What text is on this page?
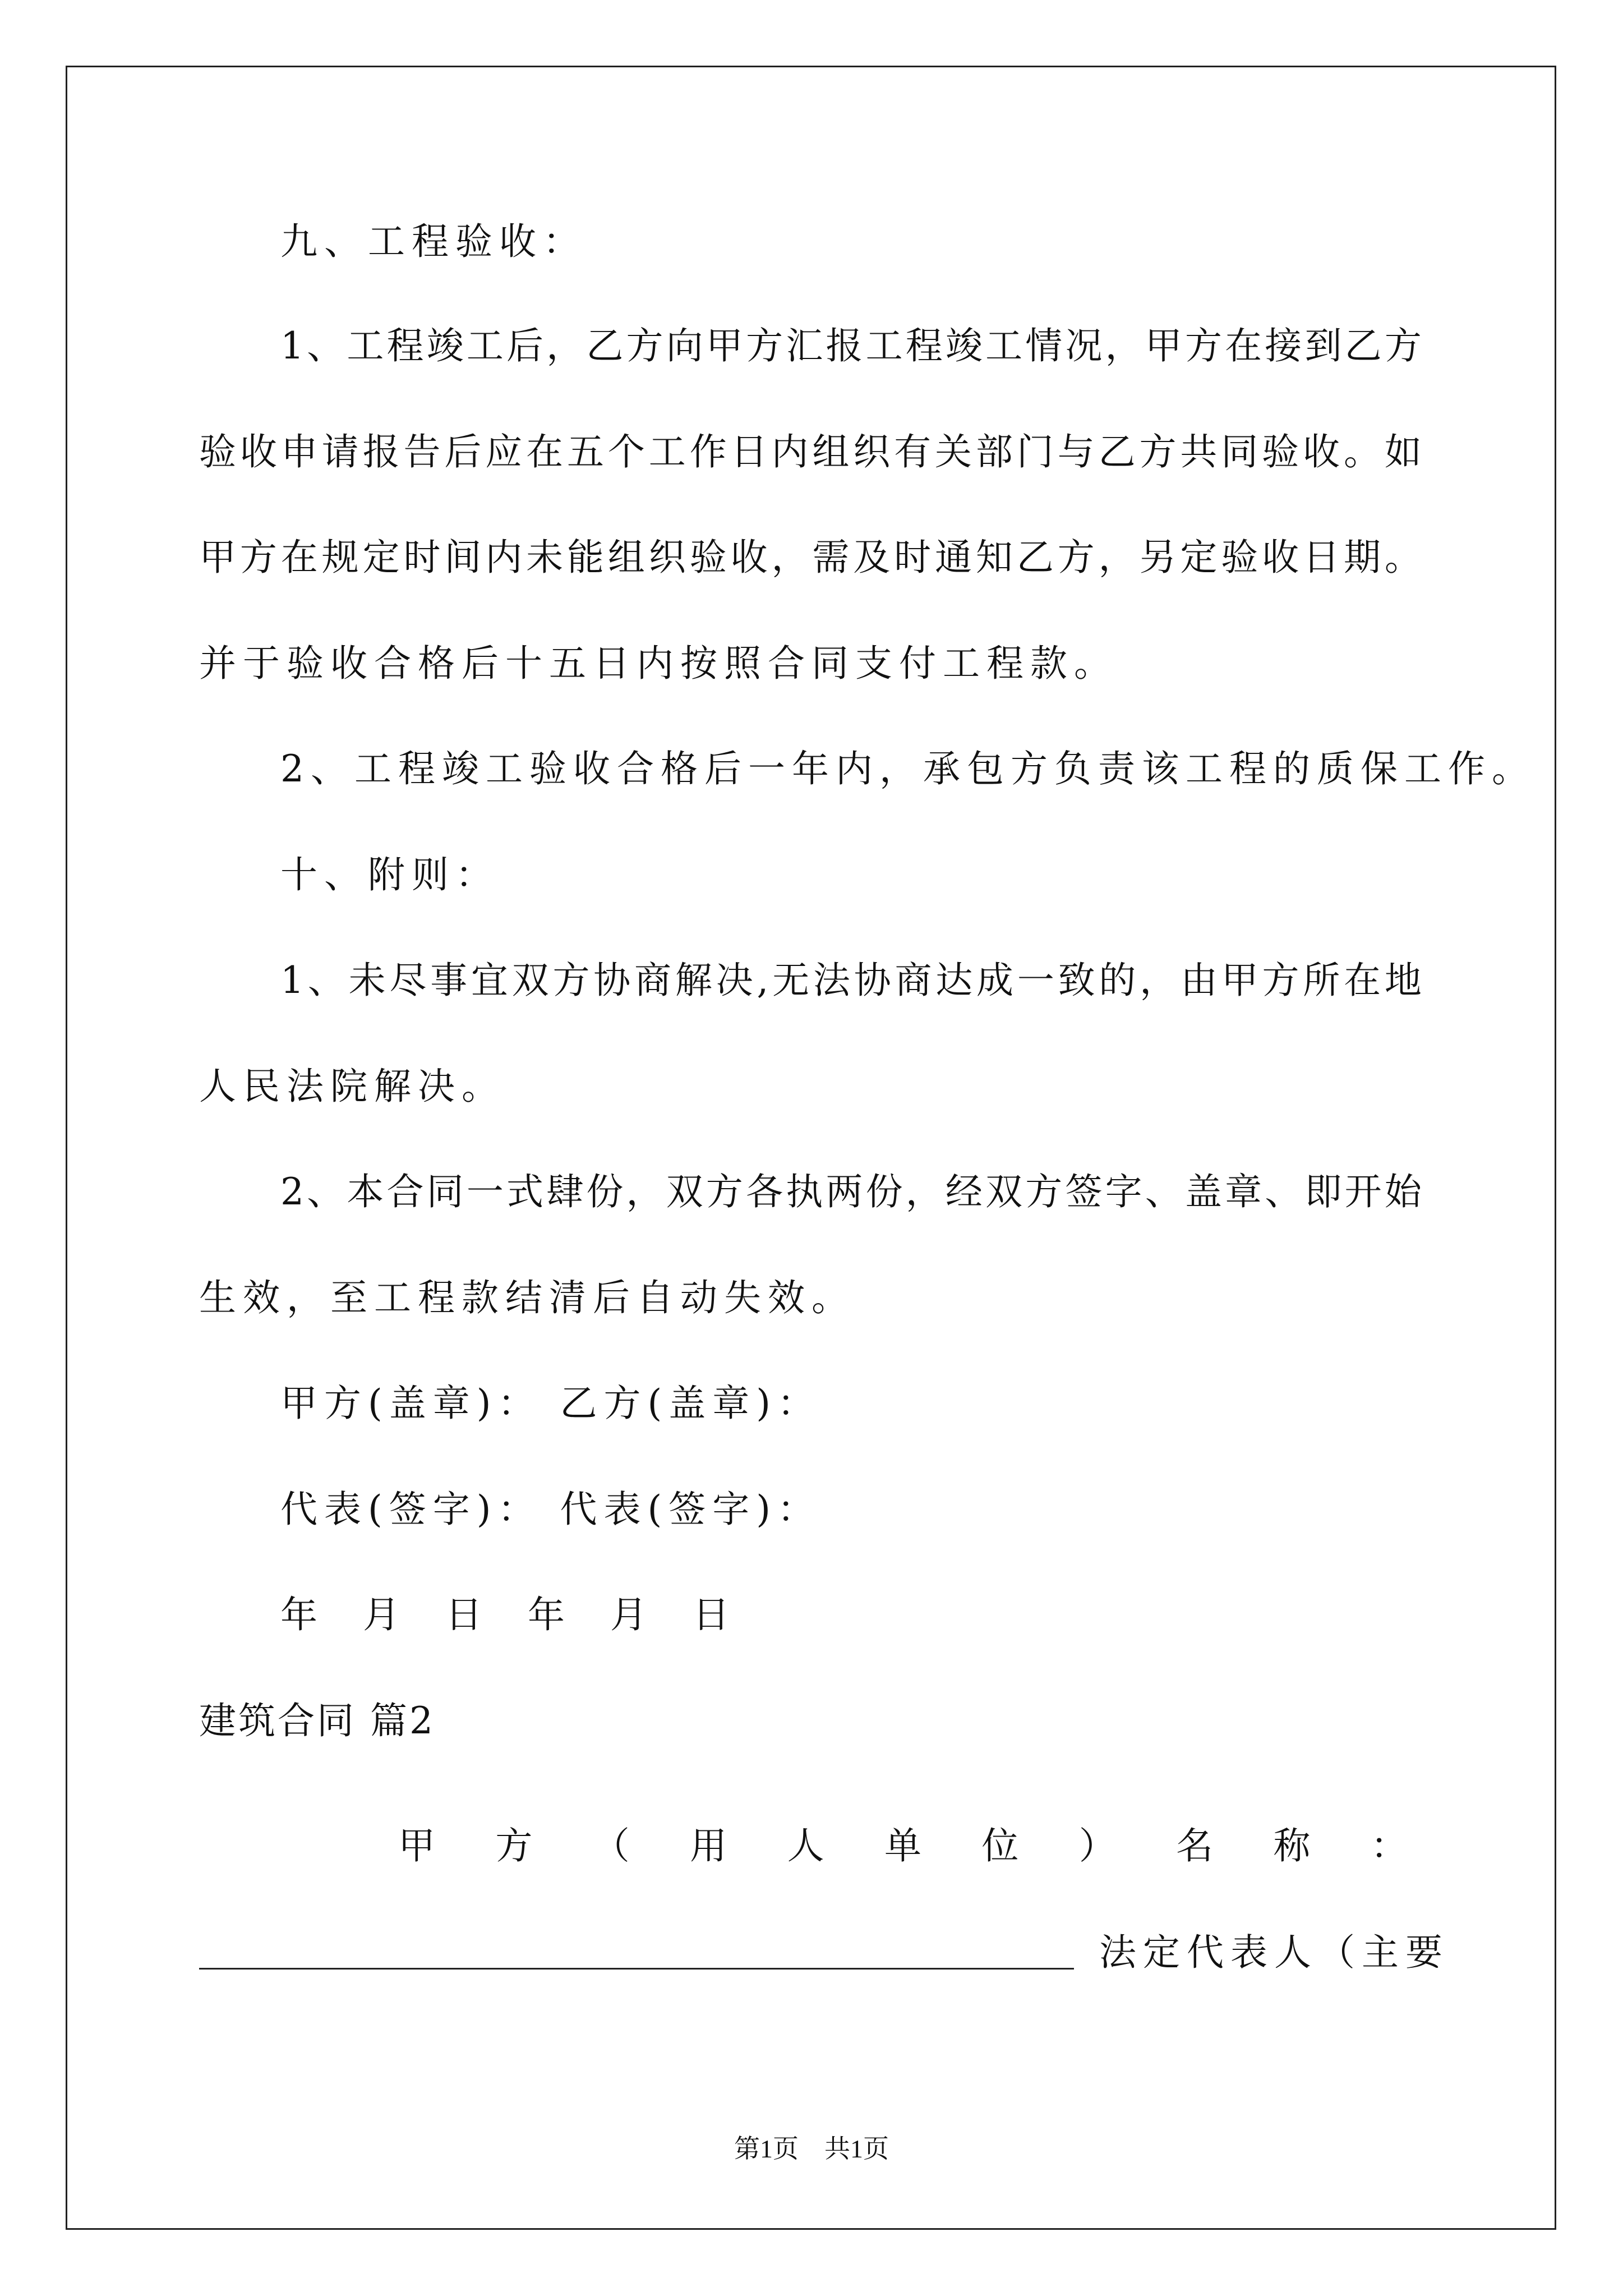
九、工程验收：
1 、 工 程 竣 工 后 ， 乙 方 向 甲 方 汇 报 工 程 竣 工 情 况 ， 甲 方 在 接 到 乙 方
验 收 申 请 报 告 后 应 在 五 个 工 作 日 内 组 织 有 关 部 门 与 乙 方 共 同 验 收 。 如
甲 方 在 规 定 时 间 内 未 能 组 织 验 收 ， 需 及 时 通 知 乙 方 ， 另 定 验 收 日 期 。
并于验收合格后十五日内按照合同支付工程款。
2、工程竣工验收合格后一年内，承包方负责该工程的质保工作。
十、附则：
1 、 未 尽 事 宜 双 方 协 商 解 决 , 无 法 协 商 达 成 一 致 的 ， 由 甲 方 所 在 地
人民法院解决。
2 、 本 合 同 一 式 肆 份 ， 双 方 各 执 两 份 ， 经 双 方 签 字 、 盖 章 、 即 开 始
生效，至工程款结清后自动失效。
甲方(盖章)： 乙方(盖章)：
代表(签字)： 代表(签字)：
年 月 日 年 月 日
建筑合同 篇2
甲 方 （ 用 人 单 位 ） 名 称 ：
法定代表人（主要
第1页　共1页
